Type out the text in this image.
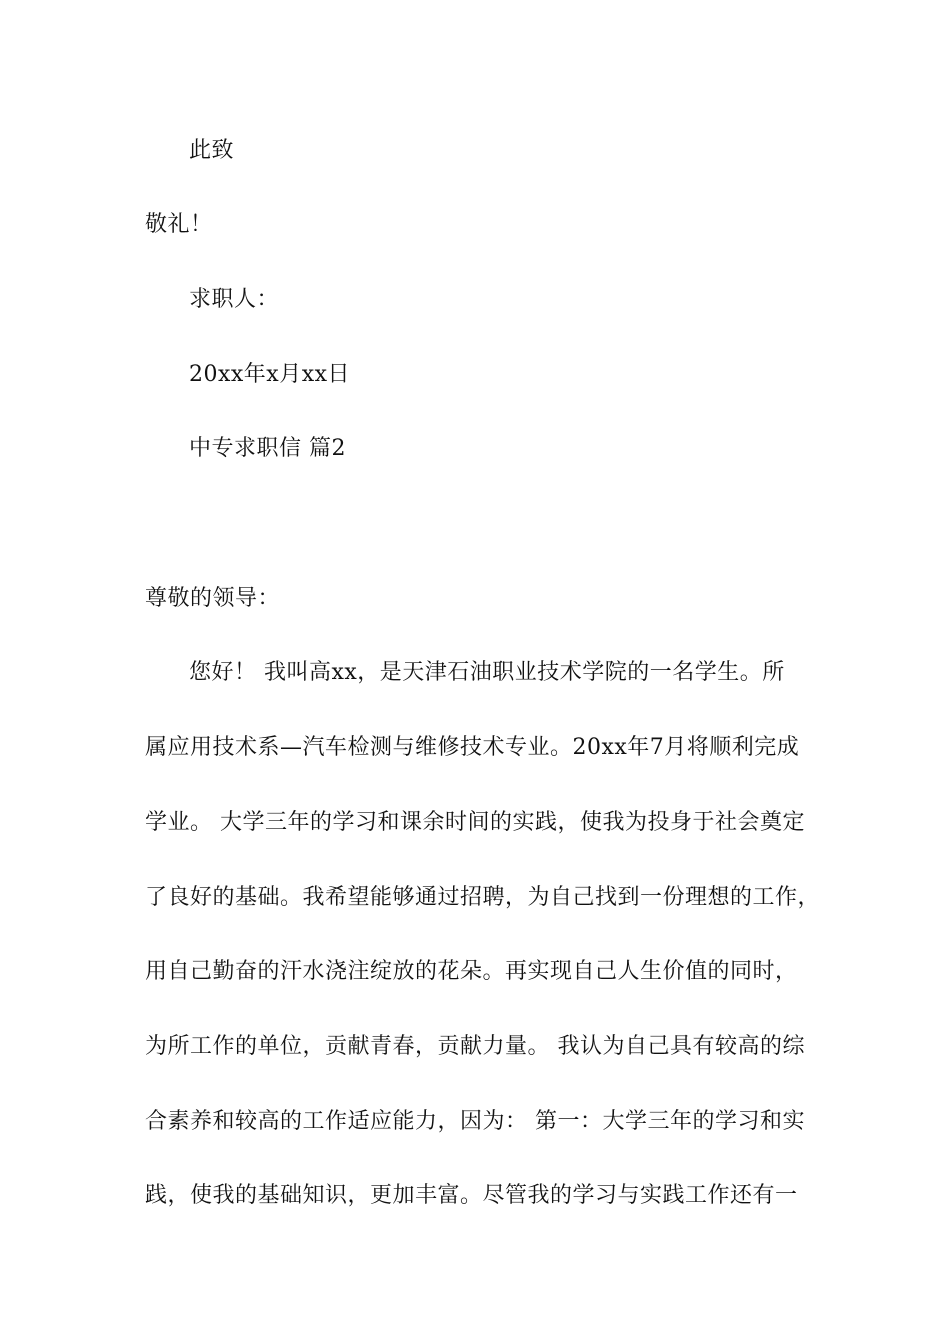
此致
敬礼！
求职人：
20xx年x月xx日
中专求职信 篇2
尊敬的领导：
您好！ 我叫高xx，是天津石油职业技术学院的一名学生。所
属应用技术系—汽车检测与维修技术专业。20xx年7月将顺利完成
学业。 大学三年的学习和课余时间的实践，使我为投身于社会奠定
了良好的基础。我希望能够通过招聘，为自己找到一份理想的工作，
用自己勤奋的汗水浇注绽放的花朵。再实现自己人生价值的同时，
为所工作的单位，贡献青春，贡献力量。 我认为自己具有较高的综
合素养和较高的工作适应能力，因为： 第一：大学三年的学习和实
践，使我的基础知识，更加丰富。尽管我的学习与实践工作还有一
